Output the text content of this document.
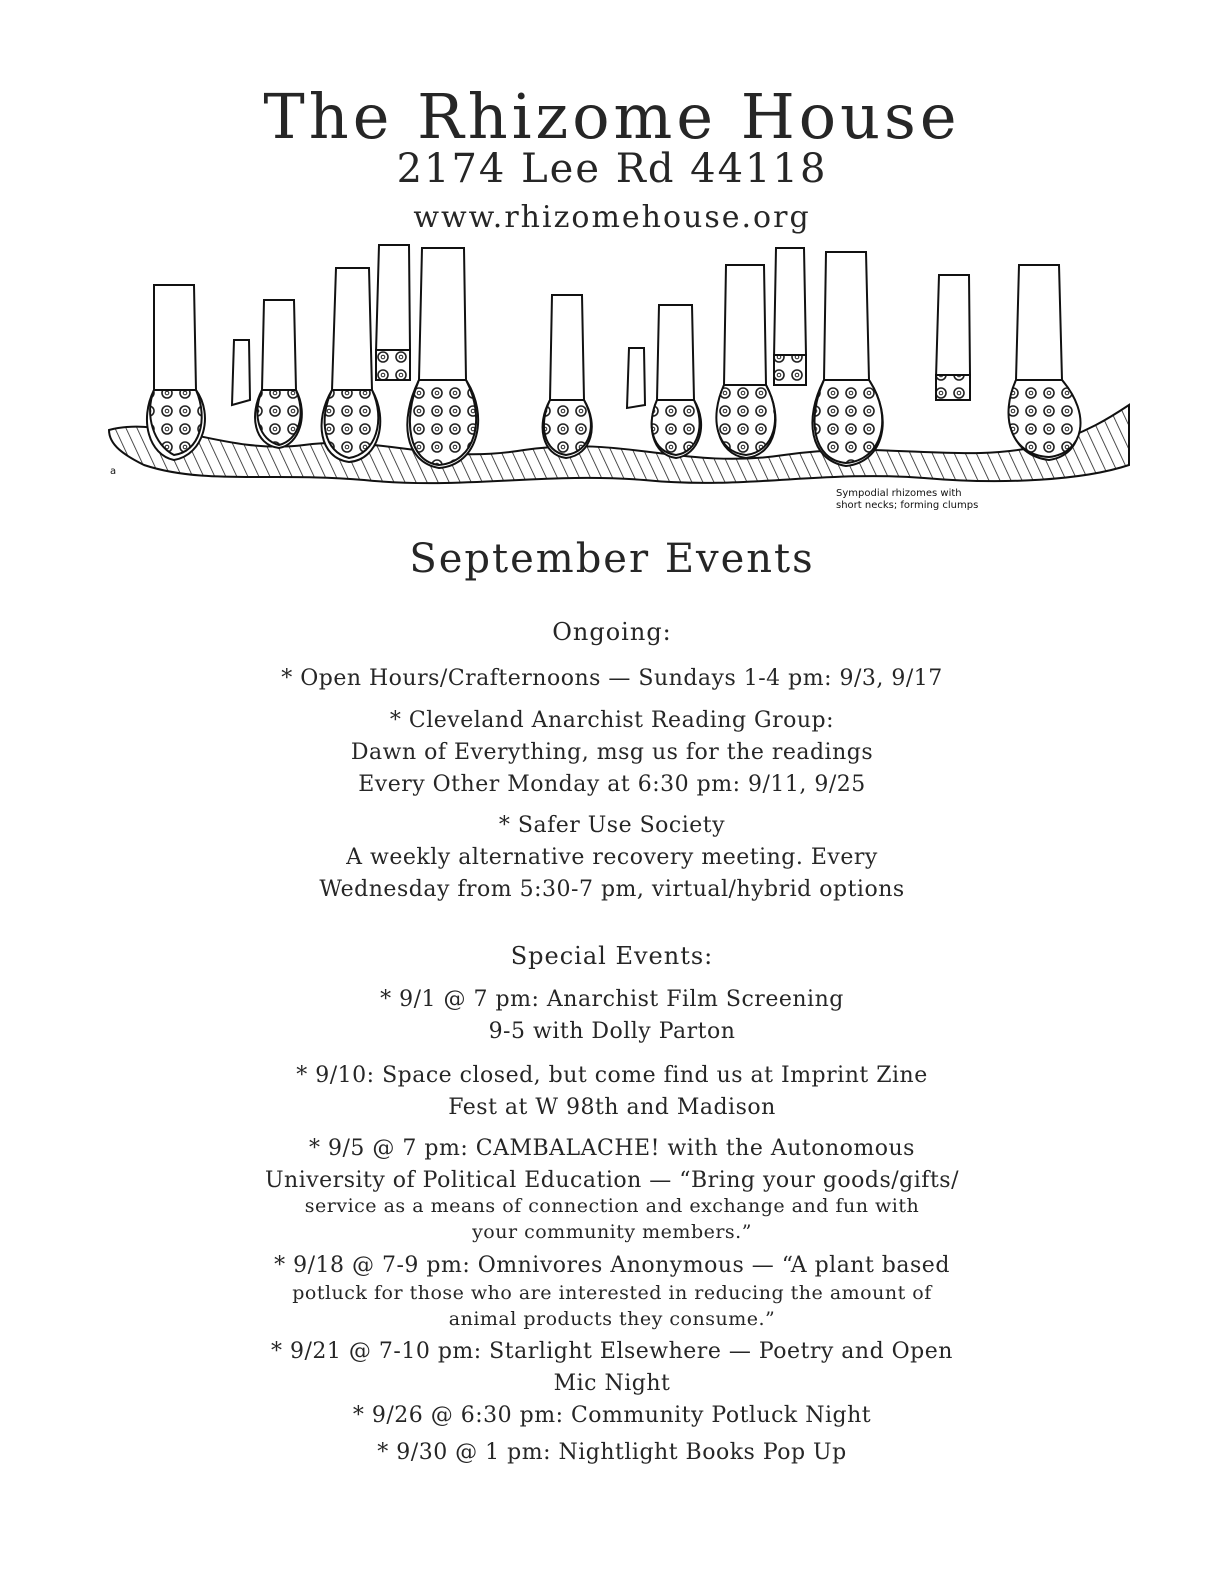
The Rhizome House
2174 Lee Rd 44118
www.rhizomehouse.org
a
Sympodial rhizomes with
short necks; forming clumps
September Events
Ongoing:
* Open Hours/Crafternoons — Sundays 1-4 pm: 9/3, 9/17
* Cleveland Anarchist Reading Group:
Dawn of Everything, msg us for the readings
Every Other Monday at 6:30 pm: 9/11, 9/25
* Safer Use Society
A weekly alternative recovery meeting. Every
Wednesday from 5:30-7 pm, virtual/hybrid options
Special Events:
* 9/1 @ 7 pm: Anarchist Film Screening
9-5 with Dolly Parton
* 9/10: Space closed, but come find us at Imprint Zine
Fest at W 98th and Madison
* 9/5 @ 7 pm: CAMBALACHE! with the Autonomous
University of Political Education — “Bring your goods/gifts/
service as a means of connection and exchange and fun with
your community members.”
* 9/18 @ 7-9 pm: Omnivores Anonymous — “A plant based
potluck for those who are interested in reducing the amount of
animal products they consume.”
* 9/21 @ 7-10 pm: Starlight Elsewhere — Poetry and Open
Mic Night
* 9/26 @ 6:30 pm: Community Potluck Night
* 9/30 @ 1 pm: Nightlight Books Pop Up
